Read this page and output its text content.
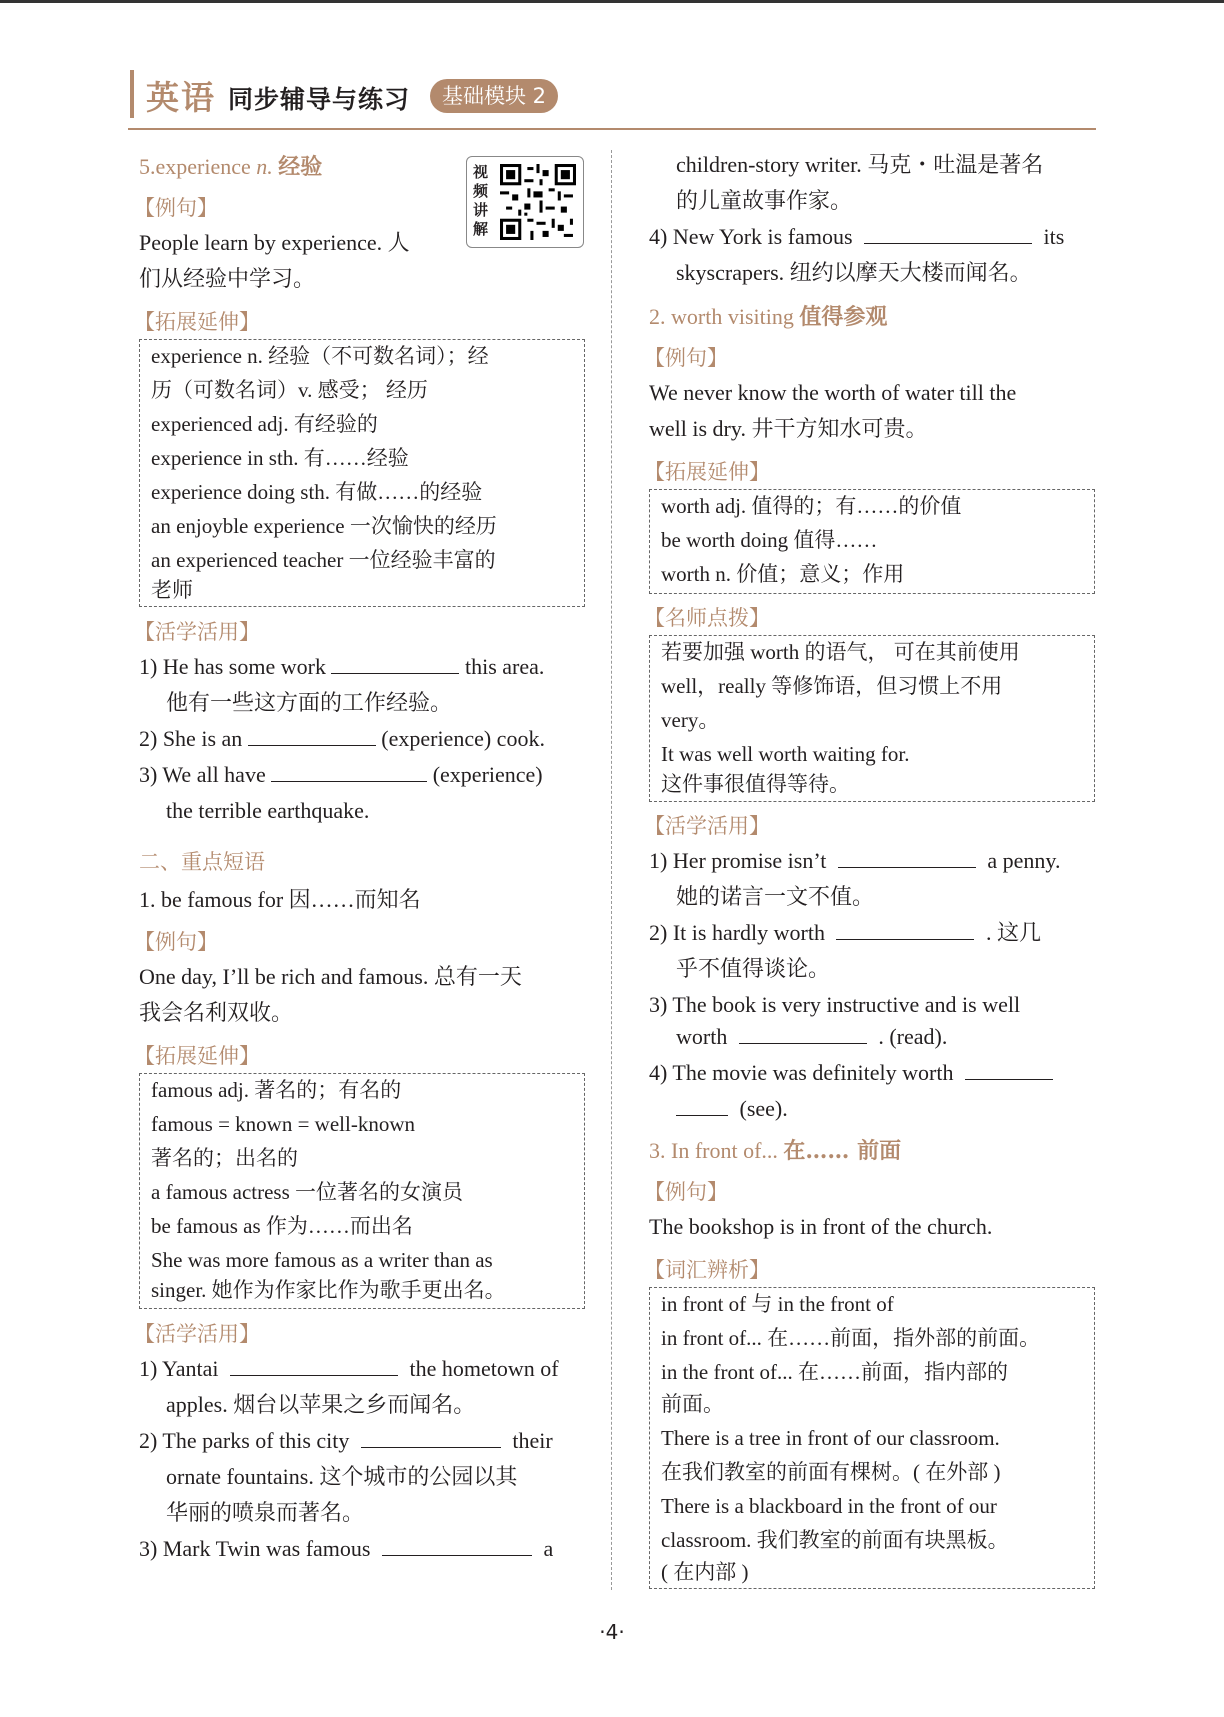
英语 同步辅导与练习	基础模块 2
视频讲解
5.experience n. 经验
【例句】
People learn by experience. 人
们从经验中学习。
【拓展延伸】
experience n. 经验（不可数名词）；经
历（可数名词）v. 感受； 经历
experienced adj. 有经验的
experience in sth. 有……经验
experience doing sth. 有做……的经验
an enjoyble experience 一次愉快的经历
an experienced teacher 一位经验丰富的
老师
【活学活用】
1) He has some work	this area.
他有一些这方面的工作经验。
2) She is an	(experience) cook.
3) We all have	(experience)
the terrible earthquake.
二、重点短语
1. be famous for 因……而知名
【例句】
One day, I’ll be rich and famous. 总有一天
我会名利双收。
【拓展延伸】
famous adj. 著名的；有名的
famous = known = well-known
著名的；出名的
a famous actress 一位著名的女演员
be famous as 作为……而出名
She was more famous as a writer than as
singer. 她作为作家比作为歌手更出名。
【活学活用】
1) Yantai	the hometown of
apples. 烟台以苹果之乡而闻名。
2) The parks of this city	their
ornate fountains. 这个城市的公园以其
华丽的喷泉而著名。
3) Mark Twin was famous	a
children-story writer. 马克・吐温是著名
的儿童故事作家。
4) New York is famous	its
skyscrapers. 纽约以摩天大楼而闻名。
2. worth visiting 值得参观
【例句】
We never know the worth of water till the
well is dry. 井干方知水可贵。
【拓展延伸】
worth adj. 值得的；有……的价值
be worth doing 值得……
worth n. 价值；意义；作用
【名师点拨】
若要加强 worth 的语气， 可在其前使用
well，really 等修饰语，但习惯上不用
very。
It was well worth waiting for.
这件事很值得等待。
【活学活用】
1) Her promise isn’t	a penny.
她的诺言一文不值。
2) It is hardly worth	. 这几
乎不值得谈论。
3) The book is very instructive and is well
worth	. (read).
4) The movie was definitely worth
(see).
3. In front of... 在…… 前面
【例句】
The bookshop is in front of the church.
【词汇辨析】
in front of 与 in the front of
in front of... 在……前面，指外部的前面。
in the front of... 在……前面，指内部的
前面。
There is a tree in front of our classroom.
在我们教室的前面有棵树。( 在外部 )
There is a blackboard in the front of our
classroom. 我们教室的前面有块黑板。
( 在内部 )
·4·
